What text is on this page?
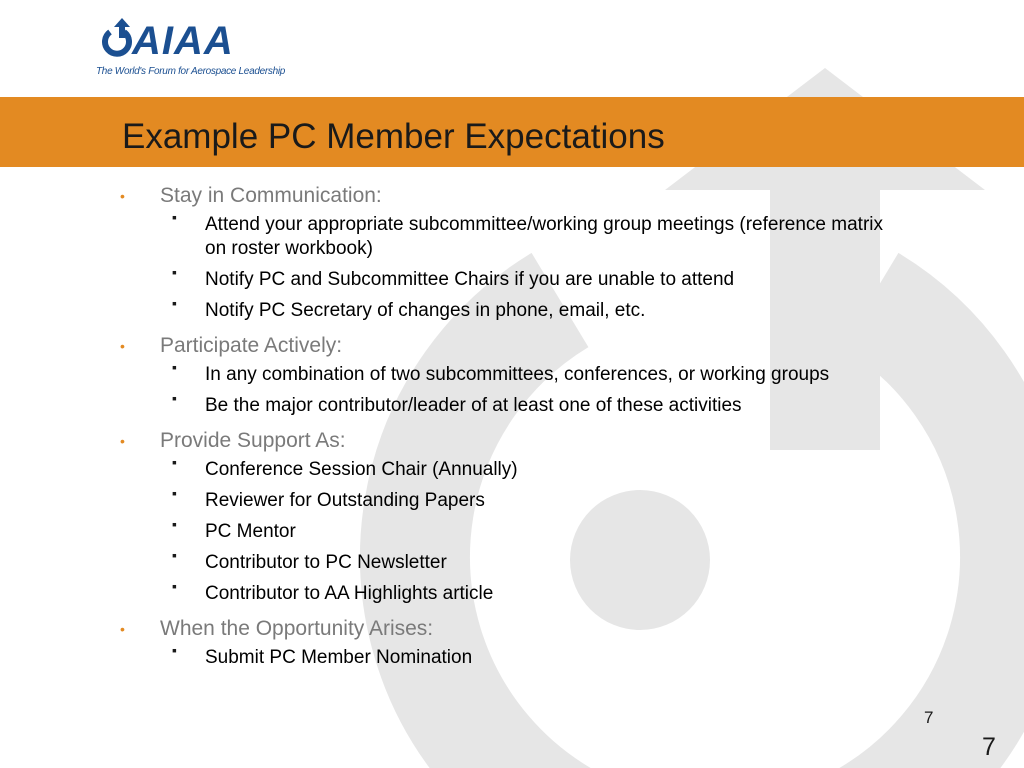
AIAA
The World's Forum for Aerospace Leadership
Example PC Member Expectations
• Stay in Communication:
▪ Attend your appropriate subcommittee/working group meetings (reference matrix on roster workbook)
▪ Notify PC and Subcommittee Chairs if you are unable to attend
▪ Notify PC Secretary of changes in phone, email, etc.
• Participate Actively:
▪ In any combination of two subcommittees, conferences, or working groups
▪ Be the major contributor/leader of at least one of these activities
• Provide Support As:
▪ Conference Session Chair (Annually)
▪ Reviewer for Outstanding Papers
▪ PC Mentor
▪ Contributor to PC Newsletter
▪ Contributor to AA Highlights article
• When the Opportunity Arises:
▪ Submit PC Member Nomination
7
7
